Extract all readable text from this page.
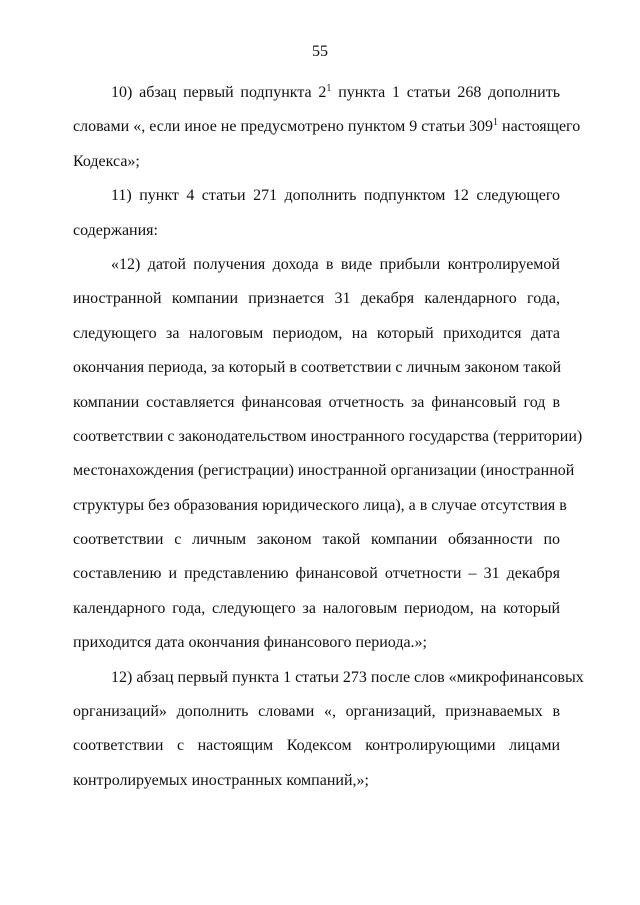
55
10) абзац первый подпункта $2^1$ пункта 1 статьи 268 дополнить
словами «, если иное не предусмотрено пунктом 9 статьи $309^1$ настоящего
Кодекса»;
11) пункт 4 статьи 271 дополнить подпунктом 12 следующего
содержания:
«12) датой получения дохода в виде прибыли контролируемой
иностранной компании признается 31 декабря календарного года,
следующего за налоговым периодом, на который приходится дата
окончания периода, за который в соответствии с личным законом такой
компании составляется финансовая отчетность за финансовый год в
соответствии с законодательством иностранного государства (территории)
местонахождения (регистрации) иностранной организации (иностранной
структуры без образования юридического лица), а в случае отсутствия в
соответствии с личным законом такой компании обязанности по
составлению и представлению финансовой отчетности – 31 декабря
календарного года, следующего за налоговым периодом, на который
приходится дата окончания финансового периода.»;
12) абзац первый пункта 1 статьи 273 после слов «микрофинансовых
организаций» дополнить словами «, организаций, признаваемых в
соответствии с настоящим Кодексом контролирующими лицами
контролируемых иностранных компаний,»;
